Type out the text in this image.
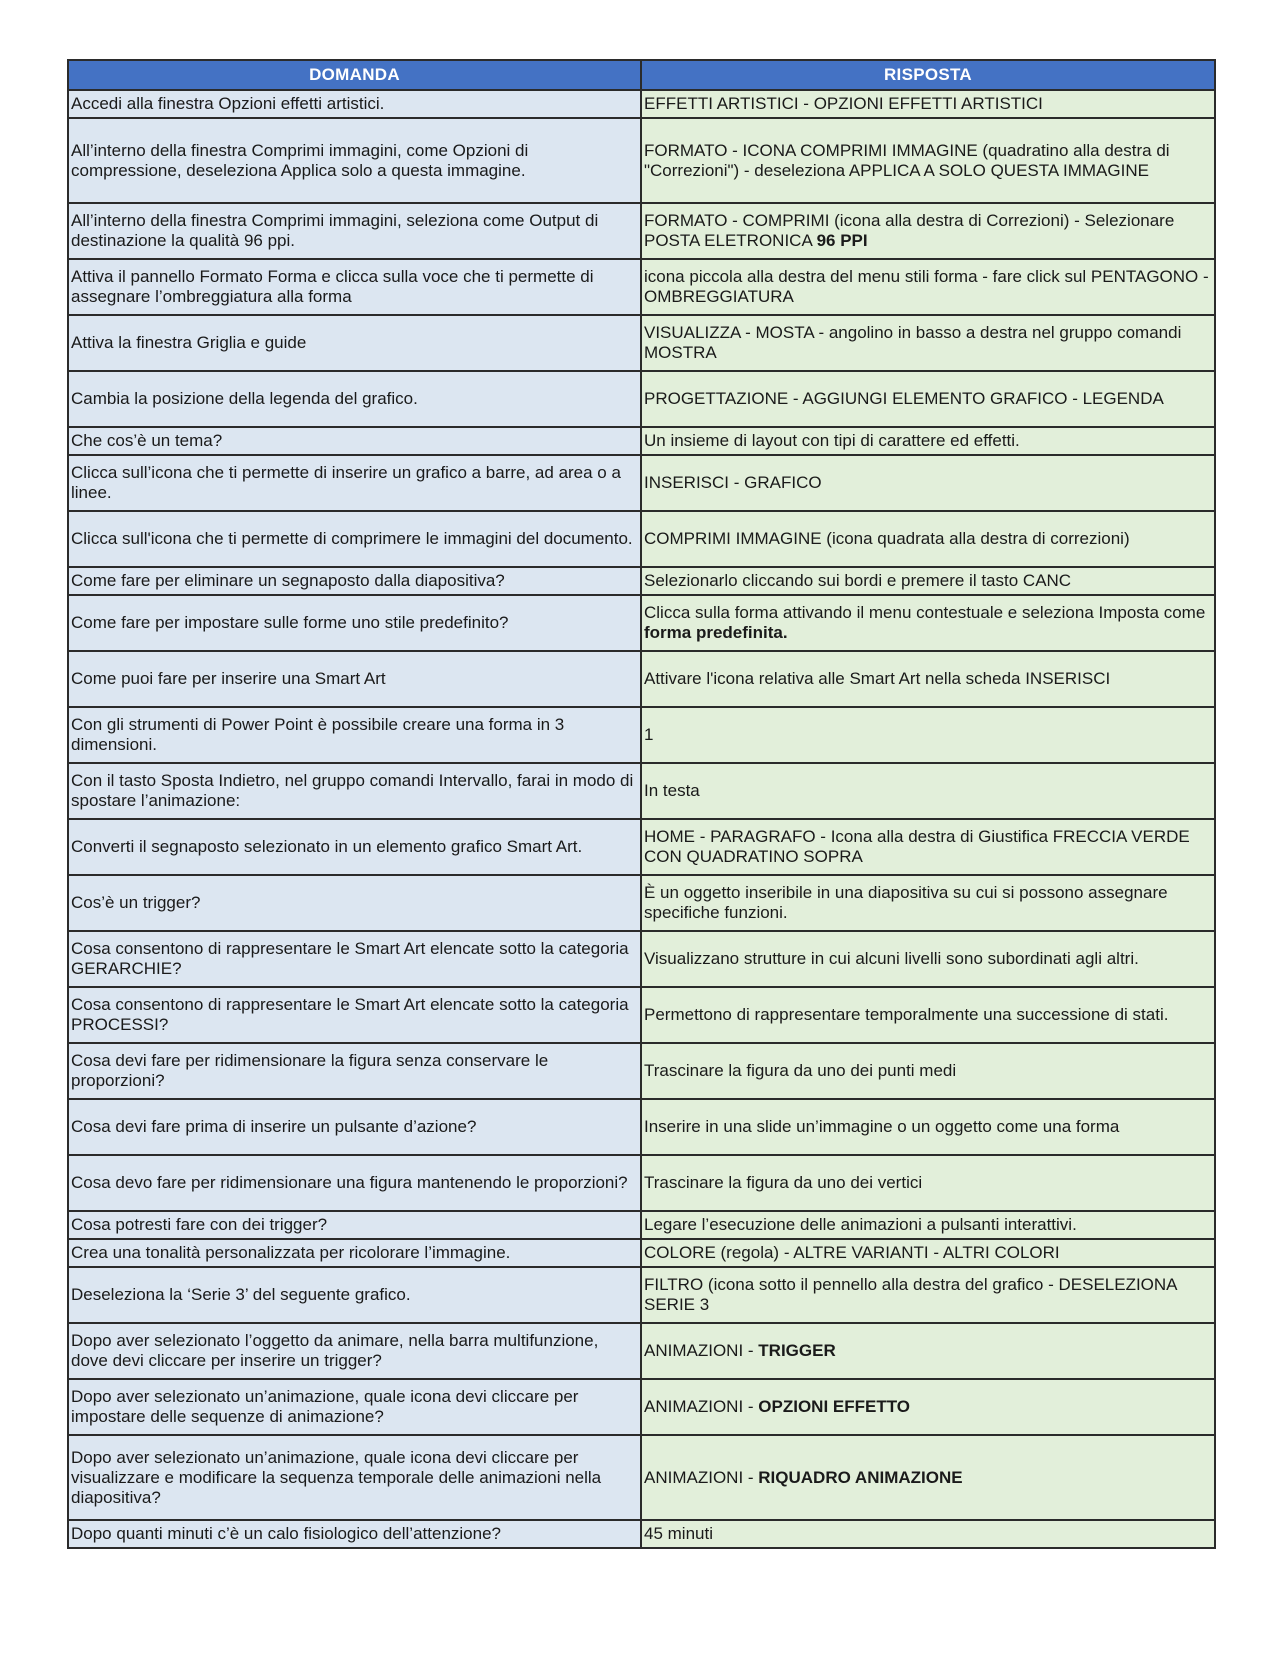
DOMANDA	RISPOSTA
Accedi alla finestra Opzioni effetti artistici.	EFFETTI ARTISTICI - OPZIONI EFFETTI ARTISTICI
All’interno della finestra Comprimi immagini, come Opzioni di compressione, deseleziona Applica solo a questa immagine.	FORMATO - ICONA COMPRIMI IMMAGINE (quadratino alla destra di "Correzioni") - deseleziona APPLICA A SOLO QUESTA IMMAGINE
All’interno della finestra Comprimi immagini, seleziona come Output di destinazione la qualità 96 ppi.	FORMATO - COMPRIMI (icona alla destra di Correzioni) - Selezionare POSTA ELETRONICA 96 PPI
Attiva il pannello Formato Forma e clicca sulla voce che ti permette di assegnare l’ombreggiatura alla forma	icona piccola alla destra del menu stili forma - fare click sul PENTAGONO - OMBREGGIATURA
Attiva la finestra Griglia e guide	VISUALIZZA - MOSTA - angolino in basso a destra nel gruppo comandi MOSTRA
Cambia la posizione della legenda del grafico.	PROGETTAZIONE - AGGIUNGI ELEMENTO GRAFICO - LEGENDA
Che cos’è un tema?	Un insieme di layout con tipi di carattere ed effetti.
Clicca sull’icona che ti permette di inserire un grafico a barre, ad area o a linee.	INSERISCI - GRAFICO
Clicca sull'icona che ti permette di comprimere le immagini del documento.	COMPRIMI IMMAGINE (icona quadrata alla destra di correzioni)
Come fare per eliminare un segnaposto dalla diapositiva?	Selezionarlo cliccando sui bordi e premere il tasto CANC
Come fare per impostare sulle forme uno stile predefinito?	Clicca sulla forma attivando il menu contestuale e seleziona Imposta come forma predefinita.
Come puoi fare per inserire una Smart Art	Attivare l'icona relativa alle Smart Art nella scheda INSERISCI
Con gli strumenti di Power Point è possibile creare una forma in 3 dimensioni.	1
Con il tasto Sposta Indietro, nel gruppo comandi Intervallo, farai in modo di spostare l’animazione:	In testa
Converti il segnaposto selezionato in un elemento grafico Smart Art.	HOME - PARAGRAFO - Icona alla destra di Giustifica FRECCIA VERDE CON QUADRATINO SOPRA
Cos’è un trigger?	È un oggetto inseribile in una diapositiva su cui si possono assegnare specifiche funzioni.
Cosa consentono di rappresentare le Smart Art elencate sotto la categoria GERARCHIE?	Visualizzano strutture in cui alcuni livelli sono subordinati agli altri.
Cosa consentono di rappresentare le Smart Art elencate sotto la categoria PROCESSI?	Permettono di rappresentare temporalmente una successione di stati.
Cosa devi fare per ridimensionare la figura senza conservare le proporzioni?	Trascinare la figura da uno dei punti medi
Cosa devi fare prima di inserire un pulsante d’azione?	Inserire in una slide un’immagine o un oggetto come una forma
Cosa devo fare per ridimensionare una figura mantenendo le proporzioni?	Trascinare la figura da uno dei vertici
Cosa potresti fare con dei trigger?	Legare l’esecuzione delle animazioni a pulsanti interattivi.
Crea una tonalità personalizzata per ricolorare l’immagine.	COLORE (regola) - ALTRE VARIANTI - ALTRI COLORI
Deseleziona la ‘Serie 3’ del seguente grafico.	FILTRO (icona sotto il pennello alla destra del grafico - DESELEZIONA SERIE 3
Dopo aver selezionato l’oggetto da animare, nella barra multifunzione, dove devi cliccare per inserire un trigger?	ANIMAZIONI - TRIGGER
Dopo aver selezionato un’animazione, quale icona devi cliccare per impostare delle sequenze di animazione?	ANIMAZIONI - OPZIONI EFFETTO
Dopo aver selezionato un’animazione, quale icona devi cliccare per visualizzare e modificare la sequenza temporale delle animazioni nella diapositiva?	ANIMAZIONI - RIQUADRO ANIMAZIONE
Dopo quanti minuti c’è un calo fisiologico dell’attenzione?	45 minuti
